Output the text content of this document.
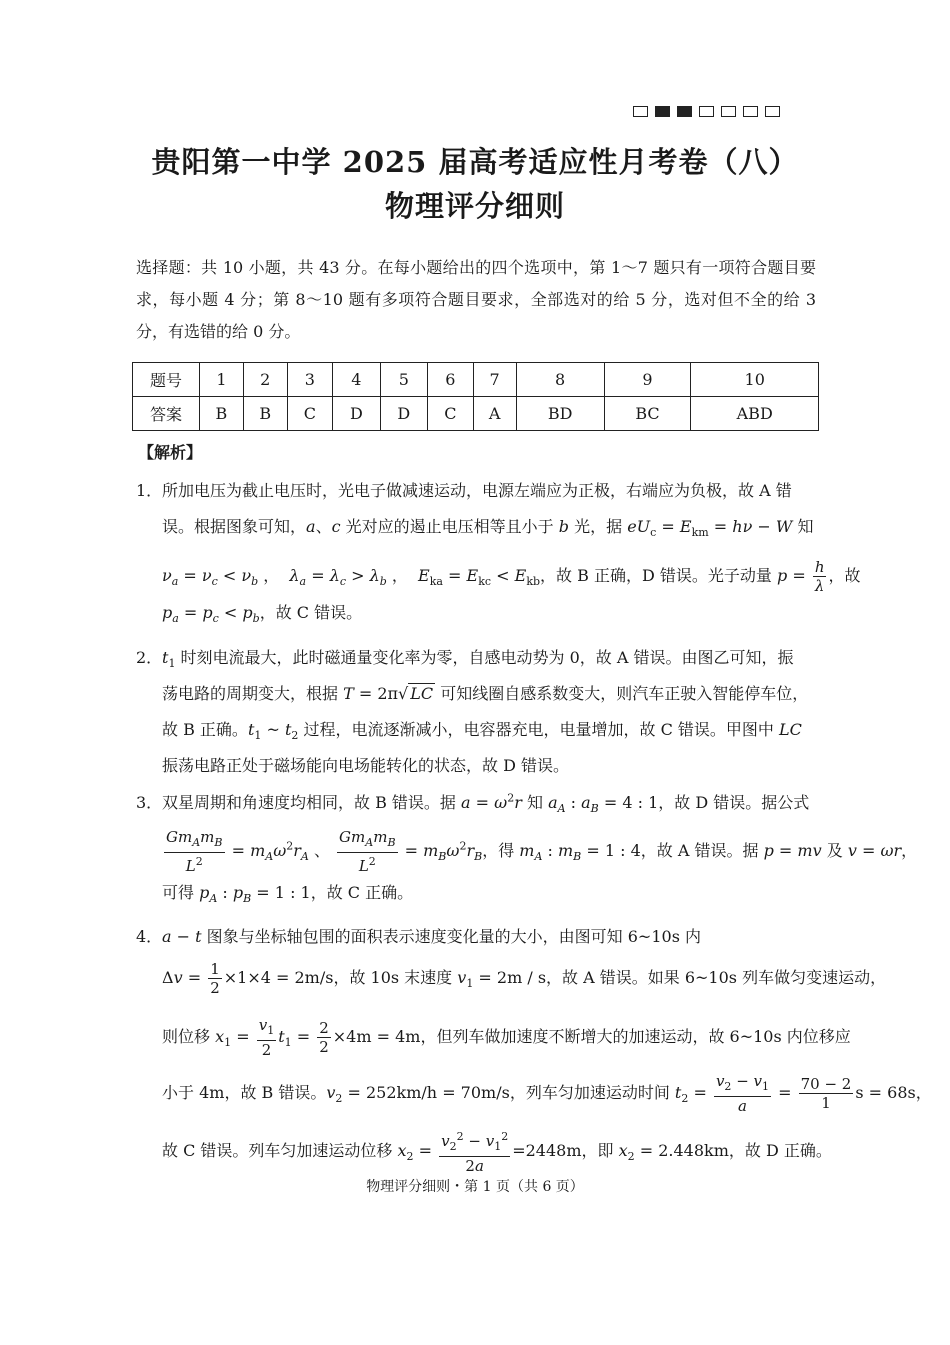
贵阳第一中学 2025 届高考适应性月考卷（八）
物理评分细则
选择题：共 10 小题，共 43 分。在每小题给出的四个选项中，第 1～7 题只有一项符合题目要求，每小题 4 分；第 8～10 题有多项符合题目要求，全部选对的给 5 分，选对但不全的给 3 分，有选错的给 0 分。
题号	1	2	3	4	5	6	7	8	9	10
答案	B	B	C	D	D	C	A	BD	BC	ABD
【解析】
1．所加电压为截止电压时，光电子做减速运动，电源左端应为正极，右端应为负极，故 A 错
误。根据图象可知，a、c 光对应的遏止电压相等且小于 b 光，据 $eU_c = E_{km} = h\nu - W$ 知
$\nu_a = \nu_c < \nu_b$ ，  $\lambda_a = \lambda_c > \lambda_b$ ，  $E_{ka} = E_{kc} < E_{kb}$，故 B 正确，D 错误。光子动量 $p = \frac{h}{\lambda}$ ，故
$p_a = p_c < p_b$，故 C 错误。
2．$t_1$ 时刻电流最大，此时磁通量变化率为零，自感电动势为 0，故 A 错误。由图乙可知，振
荡电路的周期变大，根据 T = 2π√ LC 可知线圈自感系数变大，则汽车正驶入智能停车位，
故 B 正确。$t_1$ ~ $t_2$ 过程，电流逐渐减小，电容器充电，电量增加，故 C 错误。甲图中 LC
振荡电路正处于磁场能向电场能转化的状态，故 D 错误。
3．双星周期和角速度均相同，故 B 错误。据 $a = \omega^2r$ 知 $a_A$ : $a_B = 4$ : 1，故 D 错误。据公式
$\frac{Gm_Am_B}{L^2} = m_A\omega^2r_A$ 、 $\frac{Gm_Am_B}{L^2} = m_B\omega^2r_B$，得 $m_A$ : $m_B = 1$ : 4，故 A 错误。据 p = mv 及 v = ωr，
可得 $p_A$ : $p_B = 1$ : 1，故 C 正确。
4．a − t 图象与坐标轴包围的面积表示速度变化量的大小，由图可知 6~10s 内
$\Delta v = \frac{1}{2} \times 1\times 4 = 2m/s$，故 10s 末速度 $v_1 = 2m / s$，故 A 错误。如果 6~10s 列车做匀变速运动，
则位移 $x_1 = \frac{v_1}{2} t_1 = \frac{2}{2} \times 4m = 4m$，但列车做加速度不断增大的加速运动，故 6~10s 内位移应
小于 4m，故 B 错误。$v_2 = 252km/h = 70m/s$，列车匀加速运动时间 $t_2 = \frac{v_2 - v_1}{a} = \frac{70 - 2}{1}$ s = 68s，
故 C 错误。列车匀加速运动位移 $x_2 = \frac{v_2^2 - v_1^2}{2a} =2448m$，即 $x_2 = 2.448km$，故 D 正确。
物理评分细则・第 1 页（共 6 页）
